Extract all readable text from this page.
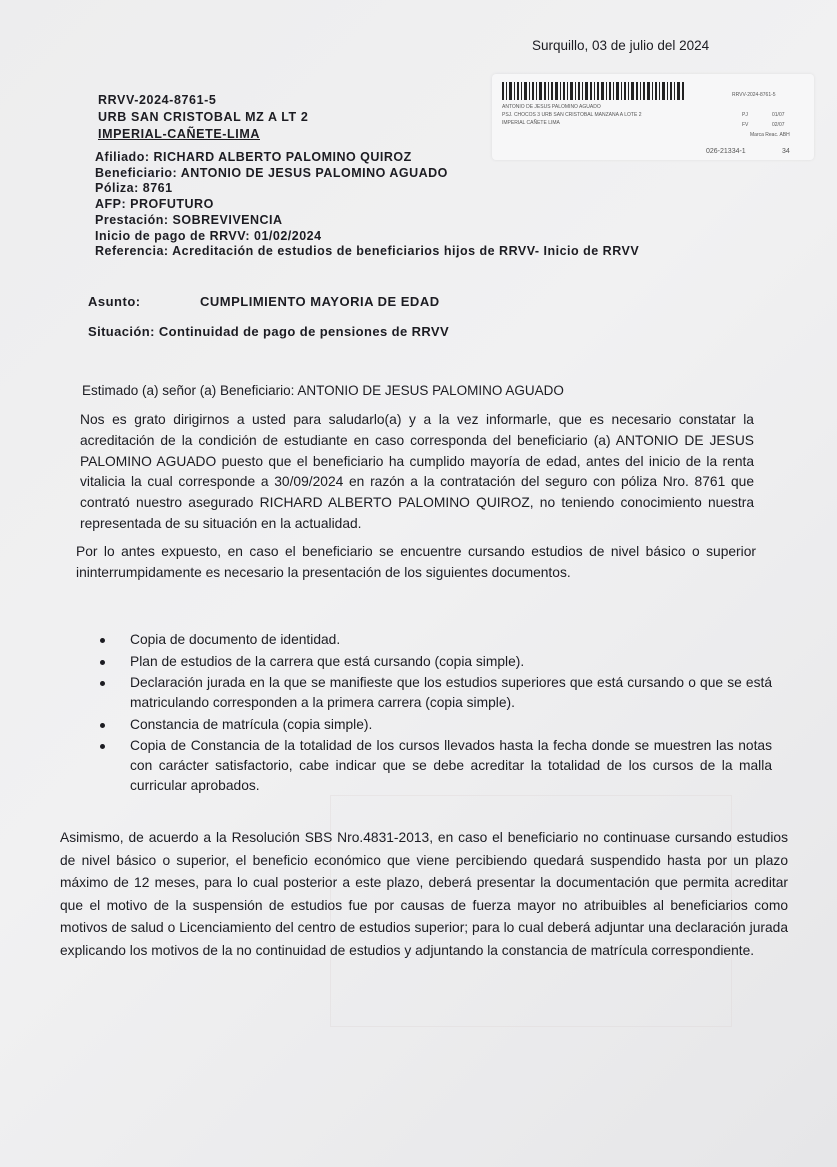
Surquillo, 03 de julio del 2024
RRVV-2024-8761-5
URB SAN CRISTOBAL MZ A LT 2
IMPERIAL-CAÑETE-LIMA
ANTONIO DE JESUS PALOMINO AGUADO
PSJ. CHOCOS 3 URB SAN CRISTOBAL MANZANA A LOTE 2
IMPERIAL CAÑETE LIMA
RRVV-2024-8761-5
PJ	01/07
FV	02/07
Marca Reac. ABH
026-21334-1	34
Afiliado: RICHARD ALBERTO PALOMINO QUIROZ
Beneficiario: ANTONIO DE JESUS PALOMINO AGUADO
Póliza: 8761
AFP: PROFUTURO
Prestación: SOBREVIVENCIA
Inicio de pago de RRVV: 01/02/2024
Referencia: Acreditación de estudios de beneficiarios hijos de RRVV- Inicio de RRVV
Asunto:	CUMPLIMIENTO MAYORIA DE EDAD
Situación: Continuidad de pago de pensiones de RRVV
Estimado (a) señor (a) Beneficiario: ANTONIO DE JESUS PALOMINO AGUADO
Nos es grato dirigirnos a usted para saludarlo(a) y a la vez informarle, que es necesario constatar la acreditación de la condición de estudiante en caso corresponda del beneficiario (a) ANTONIO DE JESUS PALOMINO AGUADO puesto que el beneficiario ha cumplido mayoría de edad, antes del inicio de la renta vitalicia la cual corresponde a 30/09/2024 en razón a la contratación del seguro con póliza Nro. 8761 que contrató nuestro asegurado RICHARD ALBERTO PALOMINO QUIROZ, no teniendo conocimiento nuestra representada de su situación en la actualidad.
Por lo antes expuesto, en caso el beneficiario se encuentre cursando estudios de nivel básico o superior ininterrumpidamente es necesario la presentación de los siguientes documentos.
Copia de documento de identidad.
Plan de estudios de la carrera que está cursando (copia simple).
Declaración jurada en la que se manifieste que los estudios superiores que está cursando o que se está matriculando corresponden a la primera carrera (copia simple).
Constancia de matrícula (copia simple).
Copia de Constancia de la totalidad de los cursos llevados hasta la fecha donde se muestren las notas con carácter satisfactorio, cabe indicar que se debe acreditar la totalidad de los cursos de la malla curricular aprobados.
Asimismo, de acuerdo a la Resolución SBS Nro.4831-2013, en caso el beneficiario no continuase cursando estudios de nivel básico o superior, el beneficio económico que viene percibiendo quedará suspendido hasta por un plazo máximo de 12 meses, para lo cual posterior a este plazo, deberá presentar la documentación que permita acreditar que el motivo de la suspensión de estudios fue por causas de fuerza mayor no atribuibles al beneficiarios como motivos de salud o Licenciamiento del centro de estudios superior; para lo cual deberá adjuntar una declaración jurada explicando los motivos de la no continuidad de estudios y adjuntando la constancia de matrícula correspondiente.
